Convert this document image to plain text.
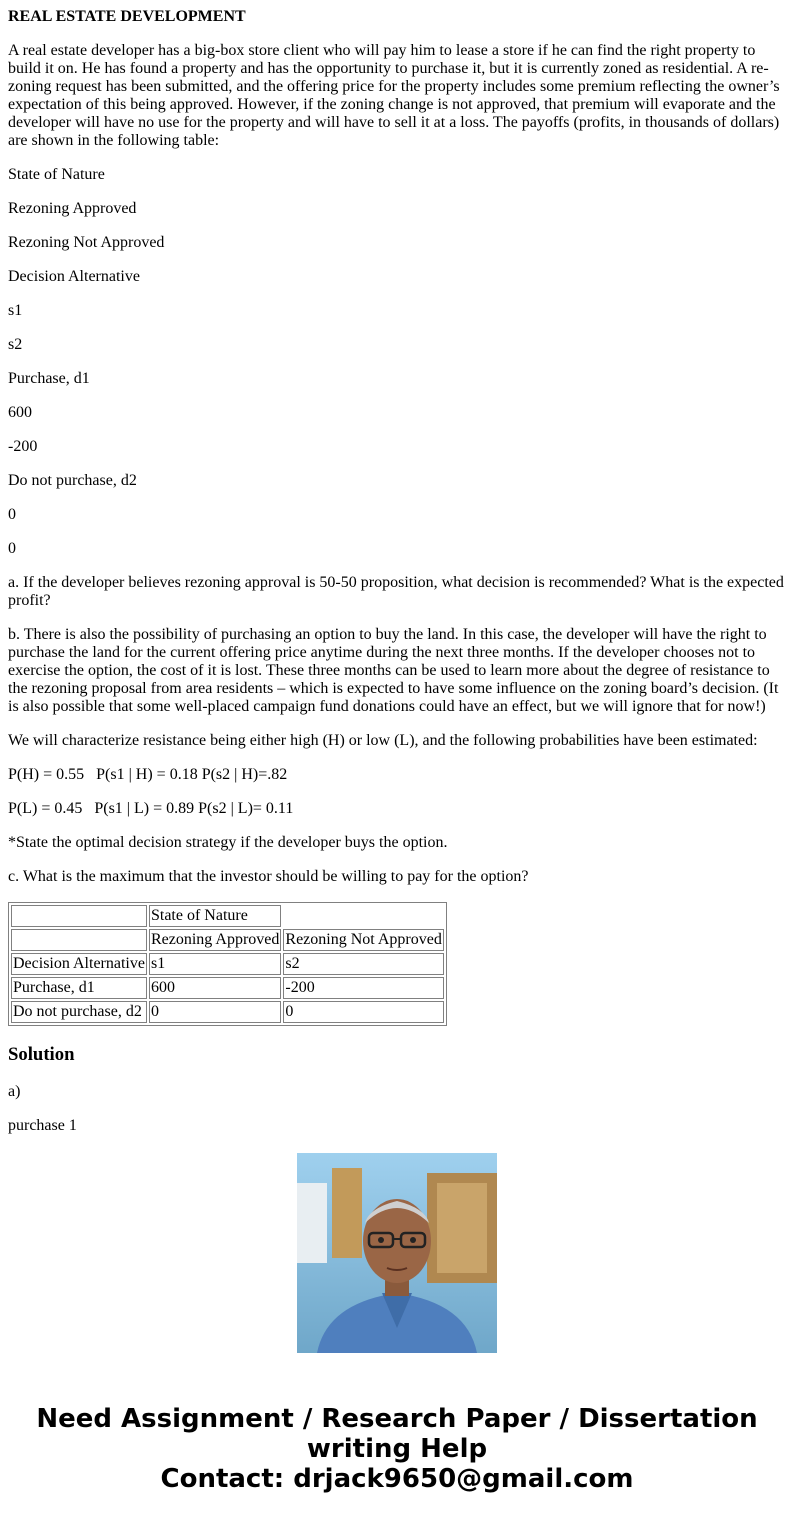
REAL ESTATE DEVELOPMENT

A real estate developer has a big-box store client who will pay him to lease a store if he can find the right property to build it on. He has found a property and has the opportunity to purchase it, but it is currently zoned as residential. A re-zoning request has been submitted, and the offering price for the property includes some premium reflecting the owner’s expectation of this being approved. However, if the zoning change is not approved, that premium will evaporate and the developer will have no use for the property and will have to sell it at a loss. The payoffs (profits, in thousands of dollars) are shown in the following table:

State of Nature

Rezoning Approved

Rezoning Not Approved

Decision Alternative

s1

s2

Purchase, d1

600

-200

Do not purchase, d2

0

0

a. If the developer believes rezoning approval is 50-50 proposition, what decision is recommended? What is the expected profit?

b. There is also the possibility of purchasing an option to buy the land. In this case, the developer will have the right to purchase the land for the current offering price anytime during the next three months. If the developer chooses not to exercise the option, the cost of it is lost. These three months can be used to learn more about the degree of resistance to the rezoning proposal from area residents – which is expected to have some influence on the zoning board’s decision. (It is also possible that some well-placed campaign fund donations could have an effect, but we will ignore that for now!)

We will characterize resistance being either high (H) or low (L), and the following probabilities have been estimated:

P(H) = 0.55   P(s1 | H) = 0.18 P(s2 | H)=.82

P(L) = 0.45   P(s1 | L) = 0.89 P(s2 | L)= 0.11

*State the optimal decision strategy if the developer buys the option.

c. What is the maximum that the investor should be willing to pay for the option?

	State of Nature	
	Rezoning Approved	Rezoning Not Approved
Decision Alternative	s1	s2
Purchase, d1	600	-200
Do not purchase, d2	0	0
Solution

a)

purchase 1

Need Assignment / Research Paper / Dissertation
writing Help
Contact: drjack9650@gmail.com
